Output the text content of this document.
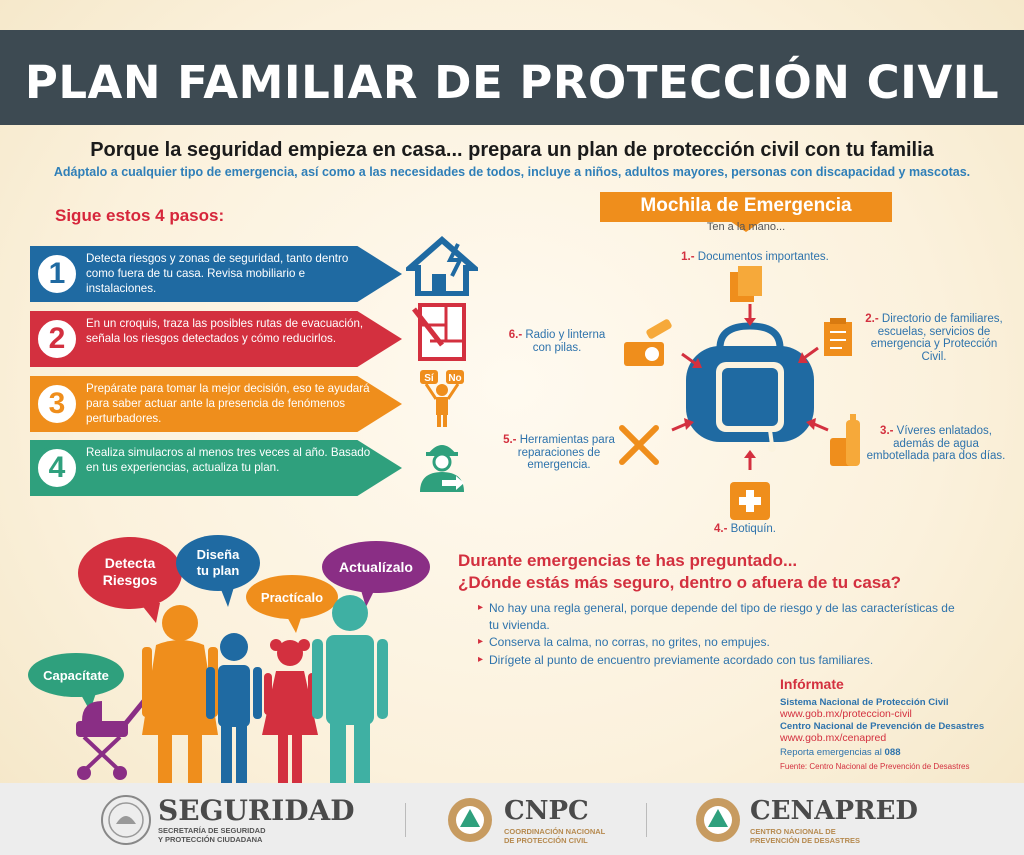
PLAN FAMILIAR DE PROTECCIÓN CIVIL
Porque la seguridad empieza en casa... prepara un plan de protección civil con tu familia
Adáptalo a cualquier tipo de emergencia, así como a las necesidades de todos, incluye a niños, adultos mayores, personas con discapacidad y mascotas.
Sigue estos 4 pasos:
1	Detecta riesgos y zonas de seguridad, tanto dentro como fuera de tu casa. Revisa mobiliario e instalaciones.
2	En un croquis, traza las posibles rutas de evacuación, señala los riesgos detectados y cómo reducirlos.
3	Prepárate para tomar la mejor decisión, eso te ayudará para saber actuar ante la presencia de fenómenos perturbadores.
4	Realiza simulacros al menos tres veces al año. Basado en tus experiencias, actualiza tu plan.
Sí No
Mochila de Emergencia
Ten a la mano...
1.- Documentos importantes.
2.- Directorio de familiares, escuelas, servicios de emergencia y Protección Civil.
3.- Víveres enlatados, además de agua embotellada para dos días.
4.- Botiquín.
5.- Herramientas para reparaciones de emergencia.
6.- Radio y linterna con pilas.
Durante emergencias te has preguntado...
¿Dónde estás más seguro, dentro o afuera de tu casa?
▸ No hay una regla general, porque depende del tipo de riesgo y de las características de tu vivienda.
▸ Conserva la calma, no corras, no grites, no empujes.
▸ Dirígete al punto de encuentro previamente acordado con tus familiares.
Infórmate
Sistema Nacional de Protección Civil
www.gob.mx/proteccion-civil
Centro Nacional de Prevención de Desastres
www.gob.mx/cenapred
Reporta emergencias al 088
Fuente: Centro Nacional de Prevención de Desastres
Detecta
Riesgos
Diseña
tu plan
Practícalo
Actualízalo
Capacítate
SEGURIDAD
SECRETARÍA DE SEGURIDAD
Y PROTECCIÓN CIUDADANA
CNPC
COORDINACIÓN NACIONAL
DE PROTECCIÓN CIVIL
CENAPRED
CENTRO NACIONAL DE
PREVENCIÓN DE DESASTRES
